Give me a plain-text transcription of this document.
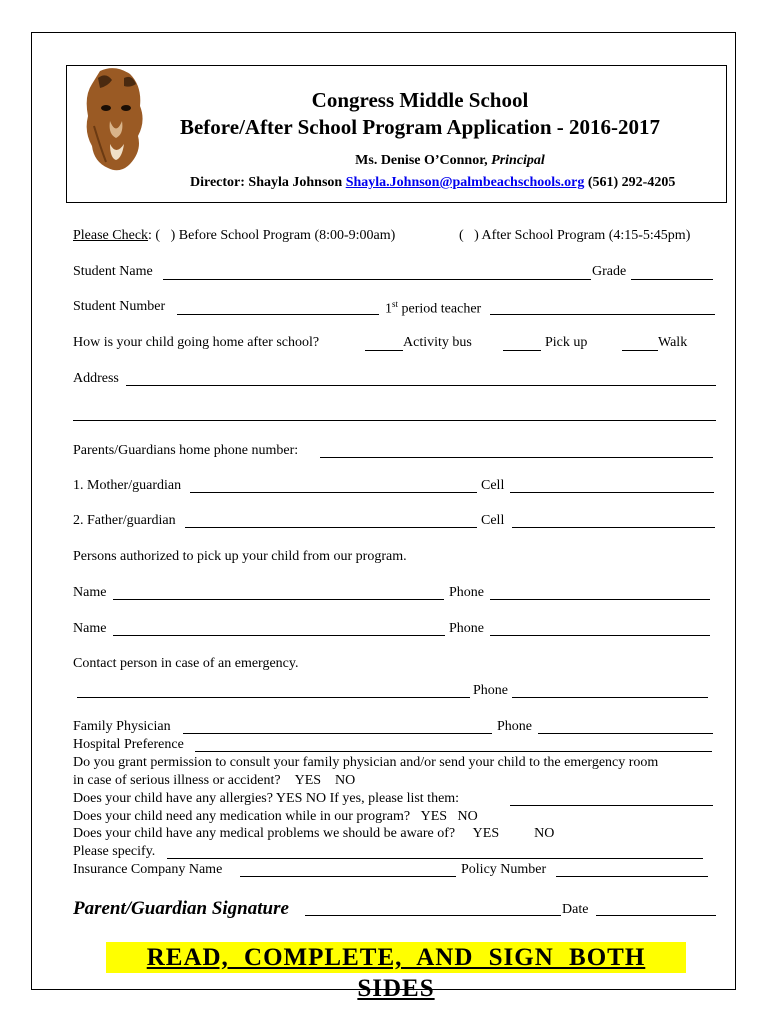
Congress Middle School
Before/After School Program Application - 2016-2017
Ms. Denise O’Connor, Principal
Director: Shayla Johnson Shayla.Johnson@palmbeachschools.org (561) 292-4205
Please Check: ( ) Before School Program (8:00-9:00am)	( ) After School Program (4:15-5:45pm)
Student Name	Grade
Student Number	1st period teacher
How is your child going home after school?	Activity bus	Pick up	Walk
Address
Parents/Guardians home phone number:
1. Mother/guardian	Cell
2. Father/guardian	Cell
Persons authorized to pick up your child from our program.
Name	Phone
Name	Phone
Contact person in case of an emergency.
Phone
Family Physician	Phone
Hospital Preference
Do you grant permission to consult your family physician and/or send your child to the emergency room
in case of serious illness or accident? YES NO
Does your child have any allergies? YES NO If yes, please list them:
Does your child need any medication while in our program? YES NO
Does your child have any medical problems we should be aware of? YES	NO
Please specify.
Insurance Company Name	Policy Number
Parent/Guardian Signature	Date
READ, COMPLETE, AND SIGN BOTH SIDES
